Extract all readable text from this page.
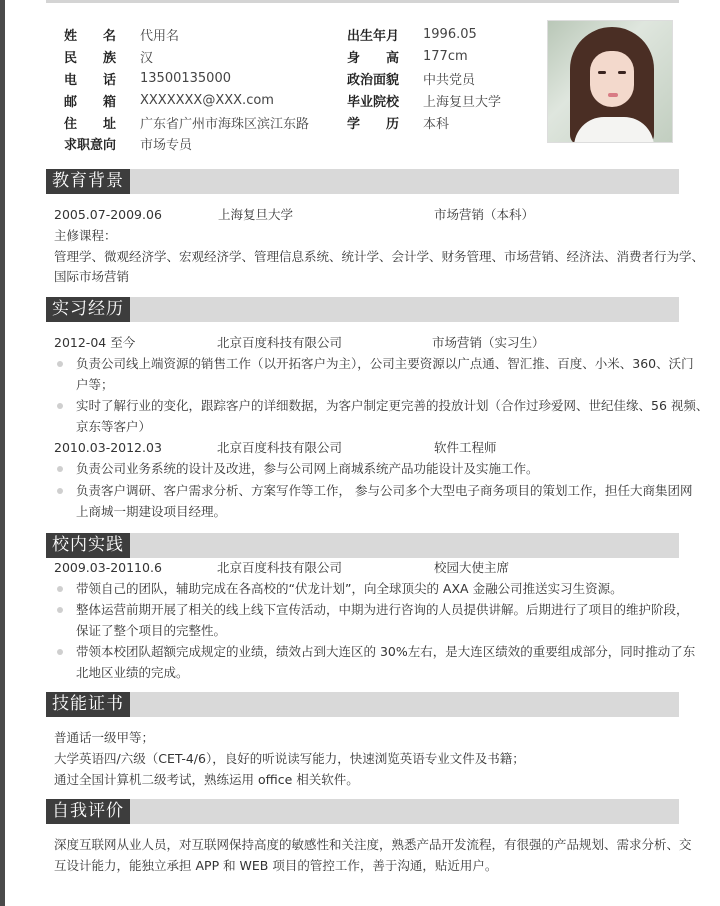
姓 名 代用名
民 族 汉
电 话 13500135000
邮 箱 XXXXXXX@XXX.com
住 址 广东省广州市海珠区滨江东路
求职意向 市场专员
出生年月 1996.05
身 高 177cm
政治面貌 中共党员
毕业院校 上海复旦大学
学 历 本科
教育背景
2005.07-2009.06	上海复旦大学	市场营销（本科）
主修课程：
管理学、微观经济学、宏观经济学、管理信息系统、统计学、会计学、财务管理、市场营销、经济法、消费者行为学、
国际市场营销
实习经历
2012-04 至今	北京百度科技有限公司	市场营销（实习生）
负责公司线上端资源的销售工作（以开拓客户为主），公司主要资源以广点通、智汇推、百度、小米、360、沃门
户等；
实时了解行业的变化，跟踪客户的详细数据，为客户制定更完善的投放计划（合作过珍爱网、世纪佳缘、56 视频、
京东等客户）
2010.03-2012.03	北京百度科技有限公司	软件工程师
负责公司业务系统的设计及改进，参与公司网上商城系统产品功能设计及实施工作。
负责客户调研、客户需求分析、方案写作等工作， 参与公司多个大型电子商务项目的策划工作，担任大商集团网
上商城一期建设项目经理。
校内实践
2009.03-20110.6	北京百度科技有限公司	校园大使主席
带领自己的团队，辅助完成在各高校的“伏龙计划”，向全球顶尖的 AXA 金融公司推送实习生资源。
整体运营前期开展了相关的线上线下宣传活动，中期为进行咨询的人员提供讲解。后期进行了项目的维护阶段，
保证了整个项目的完整性。
带领本校团队超额完成规定的业绩，绩效占到大连区的 30%左右，是大连区绩效的重要组成部分，同时推动了东
北地区业绩的完成。
技能证书
普通话一级甲等；
大学英语四/六级（CET-4/6），良好的听说读写能力，快速浏览英语专业文件及书籍；
通过全国计算机二级考试，熟练运用 office 相关软件。
自我评价
深度互联网从业人员，对互联网保持高度的敏感性和关注度，熟悉产品开发流程，有很强的产品规划、需求分析、交
互设计能力，能独立承担 APP 和 WEB 项目的管控工作，善于沟通，贴近用户。
